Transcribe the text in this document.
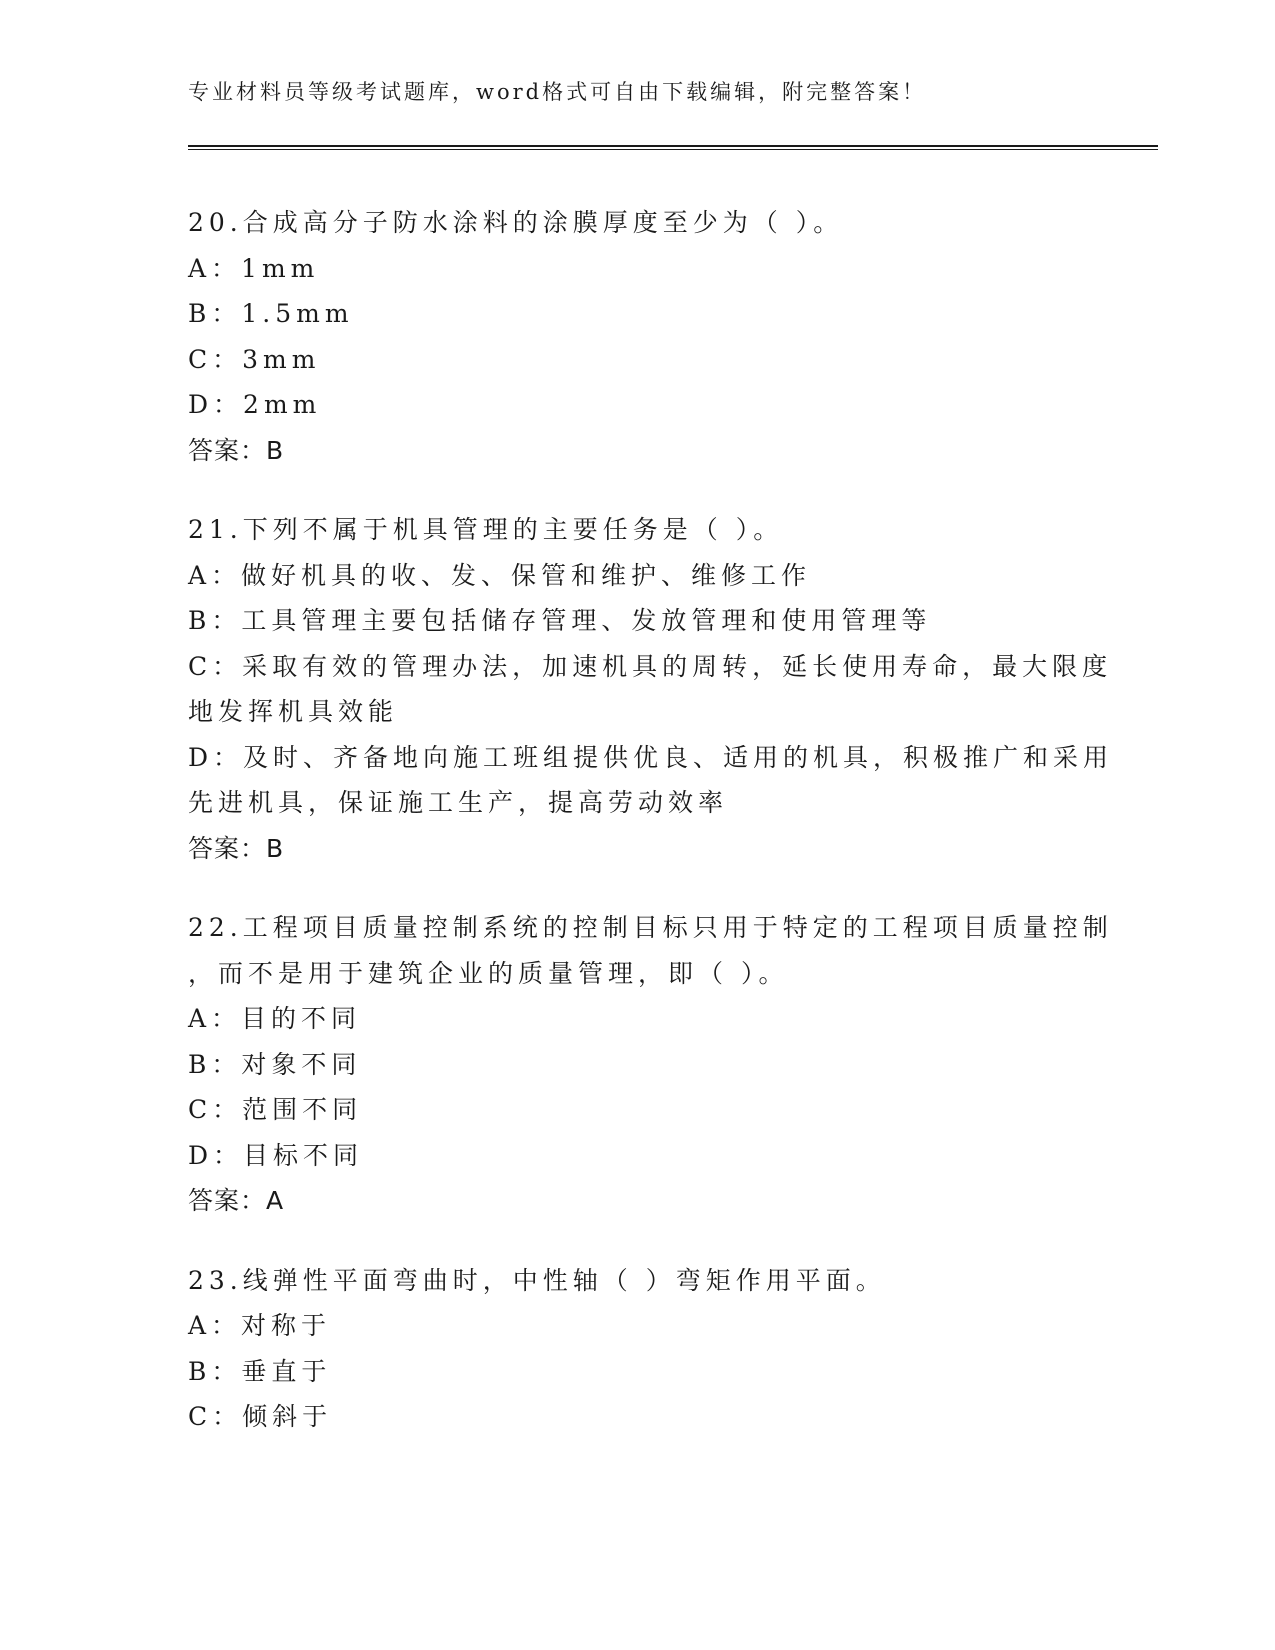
专业材料员等级考试题库，word格式可自由下载编辑，附完整答案！
20.合成高分子防水涂料的涂膜厚度至少为（ ）。
A：1mm
B：1.5mm
C：3mm
D：2mm
答案：B
21.下列不属于机具管理的主要任务是（ ）。
A：做好机具的收、发、保管和维护、维修工作
B：工具管理主要包括储存管理、发放管理和使用管理等
C：采取有效的管理办法，加速机具的周转，延长使用寿命，最大限度
地发挥机具效能
D：及时、齐备地向施工班组提供优良、适用的机具，积极推广和采用
先进机具，保证施工生产，提高劳动效率
答案：B
22.工程项目质量控制系统的控制目标只用于特定的工程项目质量控制
，而不是用于建筑企业的质量管理，即（ ）。
A：目的不同
B：对象不同
C：范围不同
D：目标不同
答案：A
23.线弹性平面弯曲时，中性轴（ ）弯矩作用平面。
A：对称于
B：垂直于
C：倾斜于
